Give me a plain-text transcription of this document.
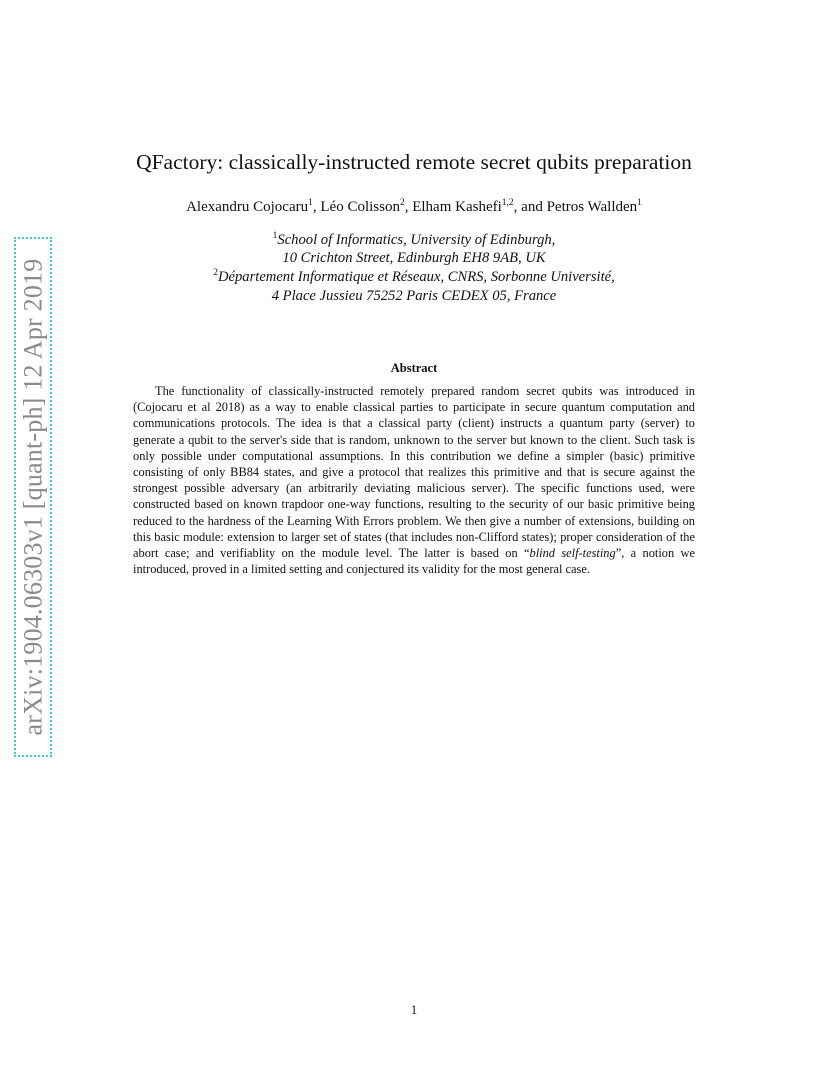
arXiv:1904.06303v1 [quant-ph] 12 Apr 2019
QFactory: classically-instructed remote secret qubits preparation
Alexandru Cojocaru$^1$, Léo Colisson$^2$, Elham Kashefi$^{1,2}$, and Petros Wallden$^1$
$^1$School of Informatics, University of Edinburgh,
10 Crichton Street, Edinburgh EH8 9AB, UK
$^2$Département Informatique et Réseaux, CNRS, Sorbonne Université,
4 Place Jussieu 75252 Paris CEDEX 05, France
Abstract
The functionality of classically-instructed remotely prepared random secret qubits was introduced in (Cojocaru et al 2018) as a way to enable classical parties to participate in secure quantum computation and communications protocols. The idea is that a classical party (client) instructs a quantum party (server) to generate a qubit to the server's side that is random, unknown to the server but known to the client. Such task is only possible under computational assumptions. In this contribution we define a simpler (basic) primitive consisting of only BB84 states, and give a protocol that realizes this primitive and that is secure against the strongest possible adversary (an arbitrarily deviating malicious server). The specific functions used, were constructed based on known trapdoor one-way functions, resulting to the security of our basic primitive being reduced to the hardness of the Learning With Errors problem. We then give a number of extensions, building on this basic module: extension to larger set of states (that includes non-Clifford states); proper consideration of the abort case; and verifiablity on the module level. The latter is based on “blind self-testing”, a notion we introduced, proved in a limited setting and conjectured its validity for the most general case.
1
